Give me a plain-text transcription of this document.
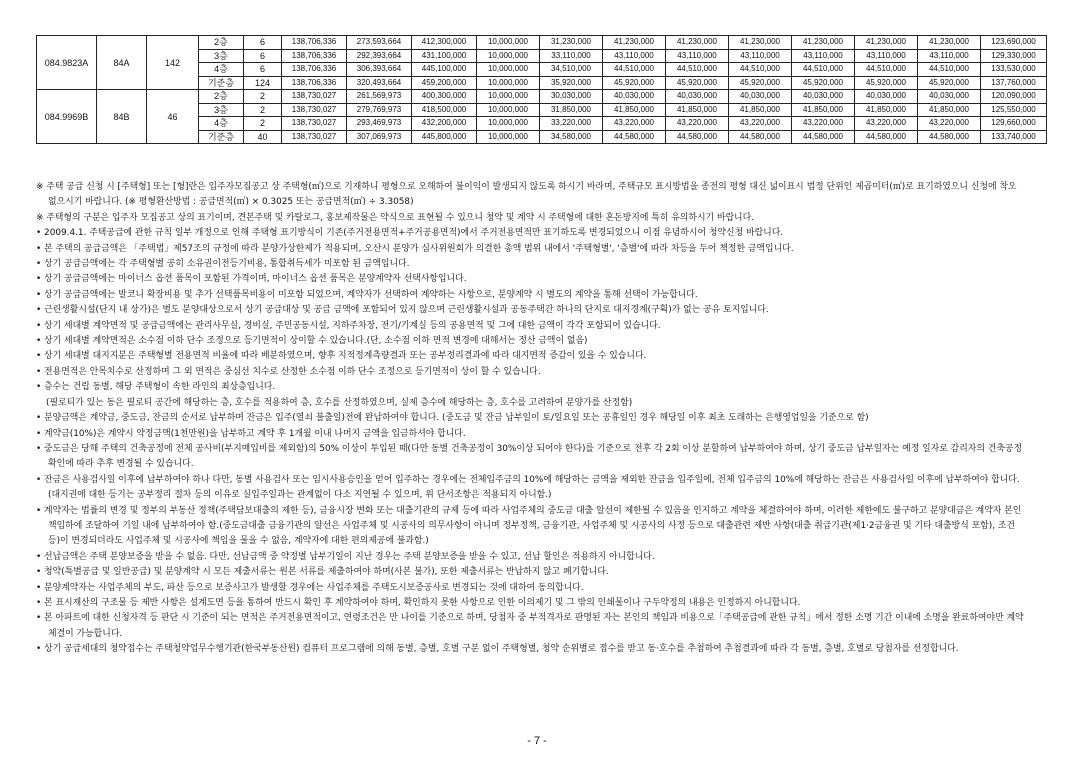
084.9823A	84A	142	2층	6	138,706,336	273,593,664	412,300,000	10,000,000	31,230,000	41,230,000	41,230,000	41,230,000	41,230,000	41,230,000	41,230,000	123,690,000
			3층	6	138,706,336	292,393,664	431,100,000	10,000,000	33,110,000	43,110,000	43,110,000	43,110,000	43,110,000	43,110,000	43,110,000	129,330,000
			4층	6	138,706,336	306,393,664	445,100,000	10,000,000	34,510,000	44,510,000	44,510,000	44,510,000	44,510,000	44,510,000	44,510,000	133,530,000
			기준층	124	138,706,336	320,493,664	459,200,000	10,000,000	35,920,000	45,920,000	45,920,000	45,920,000	45,920,000	45,920,000	45,920,000	137,760,000
084.9969B	84B	46	2층	2	138,730,027	261,569,973	400,300,000	10,000,000	30,030,000	40,030,000	40,030,000	40,030,000	40,030,000	40,030,000	40,030,000	120,090,000
			3층	2	138,730,027	279,769,973	418,500,000	10,000,000	31,850,000	41,850,000	41,850,000	41,850,000	41,850,000	41,850,000	41,850,000	125,550,000
			4층	2	138,730,027	293,469,973	432,200,000	10,000,000	33,220,000	43,220,000	43,220,000	43,220,000	43,220,000	43,220,000	43,220,000	129,660,000
			기준층	40	138,730,027	307,069,973	445,800,000	10,000,000	34,580,000	44,580,000	44,580,000	44,580,000	44,580,000	44,580,000	44,580,000	133,740,000

※ 주택 공급 신청 시 [주택형] 또는 [형]란은 입주자모집공고 상 주택형(㎡)으로 기재하니 평형으로 오해하여 불이익이 발생되지 않도록 하시기 바라며, 주택규모 표시방법을 종전의 평형 대신 넓이표시 법정 단위인 제곱미터(㎡)로 표기하였으니 신청에 착오 없으시기 바랍니다. (※ 평형환산방법 : 공급면적(㎡) × 0.3025 또는 공급면적(㎡) ÷ 3.3058)

※ 주택형의 구분은 입주자 모집공고 상의 표기이며, 견본주택 및 카탈로그, 홍보제작물은 약식으로 표현될 수 있으니 청약 및 계약 시 주택형에 대한 혼돈방지에 특히 유의하시기 바랍니다.

• 2009.4.1. 주택공급에 관한 규칙 일부 개정으로 인해 주택형 표기방식이 기존(주거전용면적+주거공용면적)에서 주거전용면적만 표기하도록 변경되었으니 이점 유념하시어 청약신청 바랍니다.

• 본 주택의 공급금액은 「주택법」제57조의 규정에 따라 분양가상한제가 적용되며, 오산시 분양가 심사위원회가 의결한 총액 범위 내에서 '주택형별', '층별'에 따라 차등을 두어 책정한 금액입니다.

• 상기 공급금액에는 각 주택형별 공히 소유권이전등기비용, 통합취득세가 미포함 된 금액입니다.

• 상기 공급금액에는 마이너스 옵션 품목이 포함된 가격이며, 마이너스 옵션 품목은 분양계약자 선택사항입니다.

• 상기 공급금액에는 발코니 확장비용 및 추가 선택품목비용이 미포함 되었으며, 계약자가 선택하여 계약하는 사항으로, 분양계약 시 별도의 계약을 통해 선택이 가능합니다.

• 근린생활시설(단지 내 상가)은 별도 분양대상으로서 상기 공급대상 및 공급 금액에 포함되어 있지 않으며 근린생활시설과 공동주택간 하나의 단지로 대지경계(구획)가 없는 공유 토지입니다.

• 상기 세대별 계약면적 및 공급금액에는 관리사무실, 경비실, 주민공동시설, 지하주차장, 전기/기계실 등의 공용면적 및 그에 대한 금액이 각각 포함되어 있습니다.

• 상기 세대별 계약면적은 소수점 이하 단수 조정으로 등기면적이 상이할 수 있습니다.(단, 소수점 이하 면적 변경에 대해서는 정산 금액이 없음)

• 상기 세대별 대지지분은 주택형별 전용면적 비율에 따라 배분하였으며, 향후 지적정계측량결과 또는 공부정리결과에 따라 대지면적 증감이 있을 수 있습니다.

• 전용면적은 안목치수로 산정하며 그 외 면적은 중심선 치수로 산정한 소수점 이하 단수 조정으로 등기면적이 상이 할 수 있습니다.

• 층수는 건립 동별, 해당 주택형이 속한 라인의 최상층입니다.

(필로티가 있는 동은 필로티 공간에 해당하는 층, 호수를 적용하여 층, 호수를 산정하였으며, 실제 층수에 해당하는 층, 호수를 고려하여 분양가를 산정함)

• 분양금액은 계약금, 중도금, 잔금의 순서로 납부하며 잔금은 입주(열쇠 불출일)전에 완납하여야 합니다. (중도금 및 잔금 납부일이 토/일요일 또는 공휴일인 경우 해당일 이후 최초 도래하는 은행영업일을 기준으로 함)

• 계약금(10%)은 계약시 약정금액(1천만원)을 납부하고 계약 후 1개월 이내 나머지 금액을 입금하셔야 합니다.

• 중도금은 당해 주택의 건축공정에 전체 공사비(부지매입비를 제외함)의 50% 이상이 투입된 때(다만 동별 건축공정이 30%이상 되어야 한다)를 기준으로 전후 각 2회 이상 분할하여 납부하여야 하며, 상기 중도금 납부일자는 예정 일자로 감리자의 건축공정 확인에 따라 추후 변경될 수 있습니다.

• 잔금은 사용검사일 이후에 납부하여야 하나 다만, 동별 사용검사 또는 임시사용승인을 얻어 입주하는 경우에는 전체입주금의 10%에 해당하는 금액을 제외한 잔금을 입주일에, 전체 입주금의 10%에 해당하는 잔금은 사용검사일 이후에 납부하여야 합니다.(대지권에 대한 등기는 공부정리 절차 등의 이유로 실입주일과는 관계없이 다소 지연될 수 있으며, 위 단서조항은 적용되지 아니함.)

• 계약자는 법률의 변경 및 정부의 부동산 정책(주택담보대출의 제한 등), 금융시장 변화 또는 대출기관의 규제 등에 따라 사업주체의 중도금 대출 알선이 제한될 수 있음을 인지하고 계약을 체결하여야 하며, 이러한 제한에도 불구하고 분양대금은 계약자 본인 책임하에 조달하여 기일 내에 납부하여야 함.(중도금대출 금융기관의 알선은 사업주체 및 시공사의 의무사항이 아니며 정부정책, 금융기관, 사업주체 및 시공사의 사정 등으로 대출관련 제반 사항(대출 취급기관(제1·2금융권 및 기타 대출방식 포함), 조건 등)이 변경되더라도 사업주체 및 시공사에 책임을 물을 수 없음, 계약자에 대한 편의제공에 불과함.)

• 선납금액은 주택 분양보증을 받을 수 없음. 다만, 선납금액 중 약정별 납부기일이 지난 경우는 주택 분양보증을 받을 수 있고, 선납 할인은 적용하지 아니합니다.

• 청약(특별공급 및 일반공급) 및 분양계약 시 모든 제출서류는 원본 서류를 제출하여야 하며(사본 불가), 또한 제출서류는 반납하지 않고 폐기합니다.

• 분양계약자는 사업주체의 부도, 파산 등으로 보증사고가 발생할 경우에는 사업주체를 주택도시보증공사로 변경되는 것에 대하여 동의합니다.

• 본 표시재산의 구조물 등 제반 사항은 설계도면 등을 통하여 반드시 확인 후 계약하여야 하며, 확인하지 못한 사항으로 인한 이의제기 및 그 밖의 인쇄물이나 구두약정의 내용은 인정하지 아니합니다.

• 본 아파트에 대한 신청자격 등 판단 시 기준이 되는 면적은 주거전용면적이고, 연령조건은 만 나이를 기준으로 하며, 당첨자 중 부적격자로 판명된 자는 본인의 책임과 비용으로「주택공급에 관한 규칙」에서 정한 소명 기간 이내에 소명을 완료하여야만 계약체결이 가능합니다.

• 상기 공급세대의 청약접수는 주택청약업무수행기관(한국부동산원) 컴퓨터 프로그램에 의해 동별, 층별, 호별 구분 없이 주택형별, 청약 순위별로 접수를 받고 동·호수를 추첨하여 추첨결과에 따라 각 동별, 층별, 호별로 당첨자를 선정합니다.

- 7 -
